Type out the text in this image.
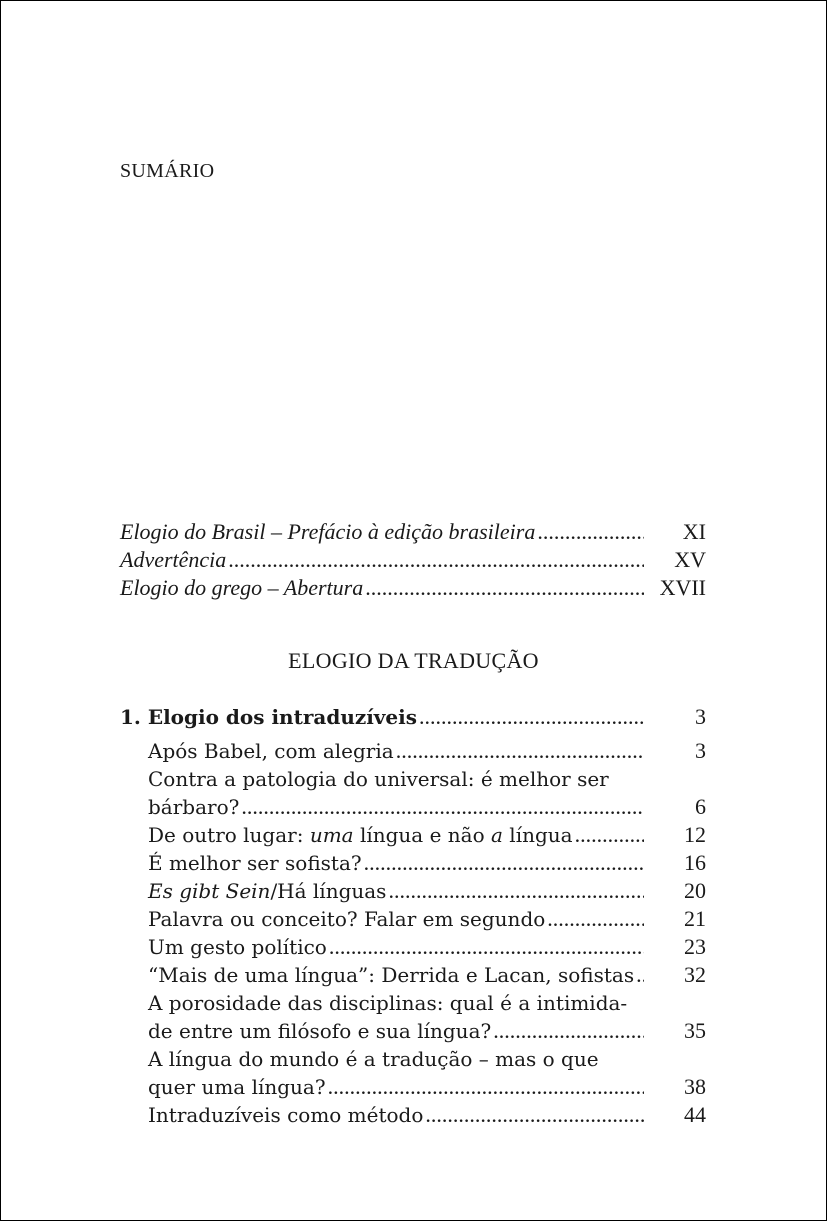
SUMÁRIO
Elogio do Brasil – Prefácio à edição brasileira .....	XI
Advertência .....	XV
Elogio do grego – Abertura .....	XVII
ELOGIO DA TRADUÇÃO
1. Elogio dos intraduzíveis .....	3
Após Babel, com alegria .....	3
Contra a patologia do universal: é melhor ser
bárbaro? .....	6
De outro lugar: uma língua e não a língua .....	12
É melhor ser sofista? .....	16
Es gibt Sein/Há línguas .....	20
Palavra ou conceito? Falar em segundo .....	21
Um gesto político .....	23
“Mais de uma língua”: Derrida e Lacan, sofistas .....	32
A porosidade das disciplinas: qual é a intimida-
de entre um filósofo e sua língua? .....	35
A língua do mundo é a tradução – mas o que
quer uma língua? .....	38
Intraduzíveis como método .....	44
